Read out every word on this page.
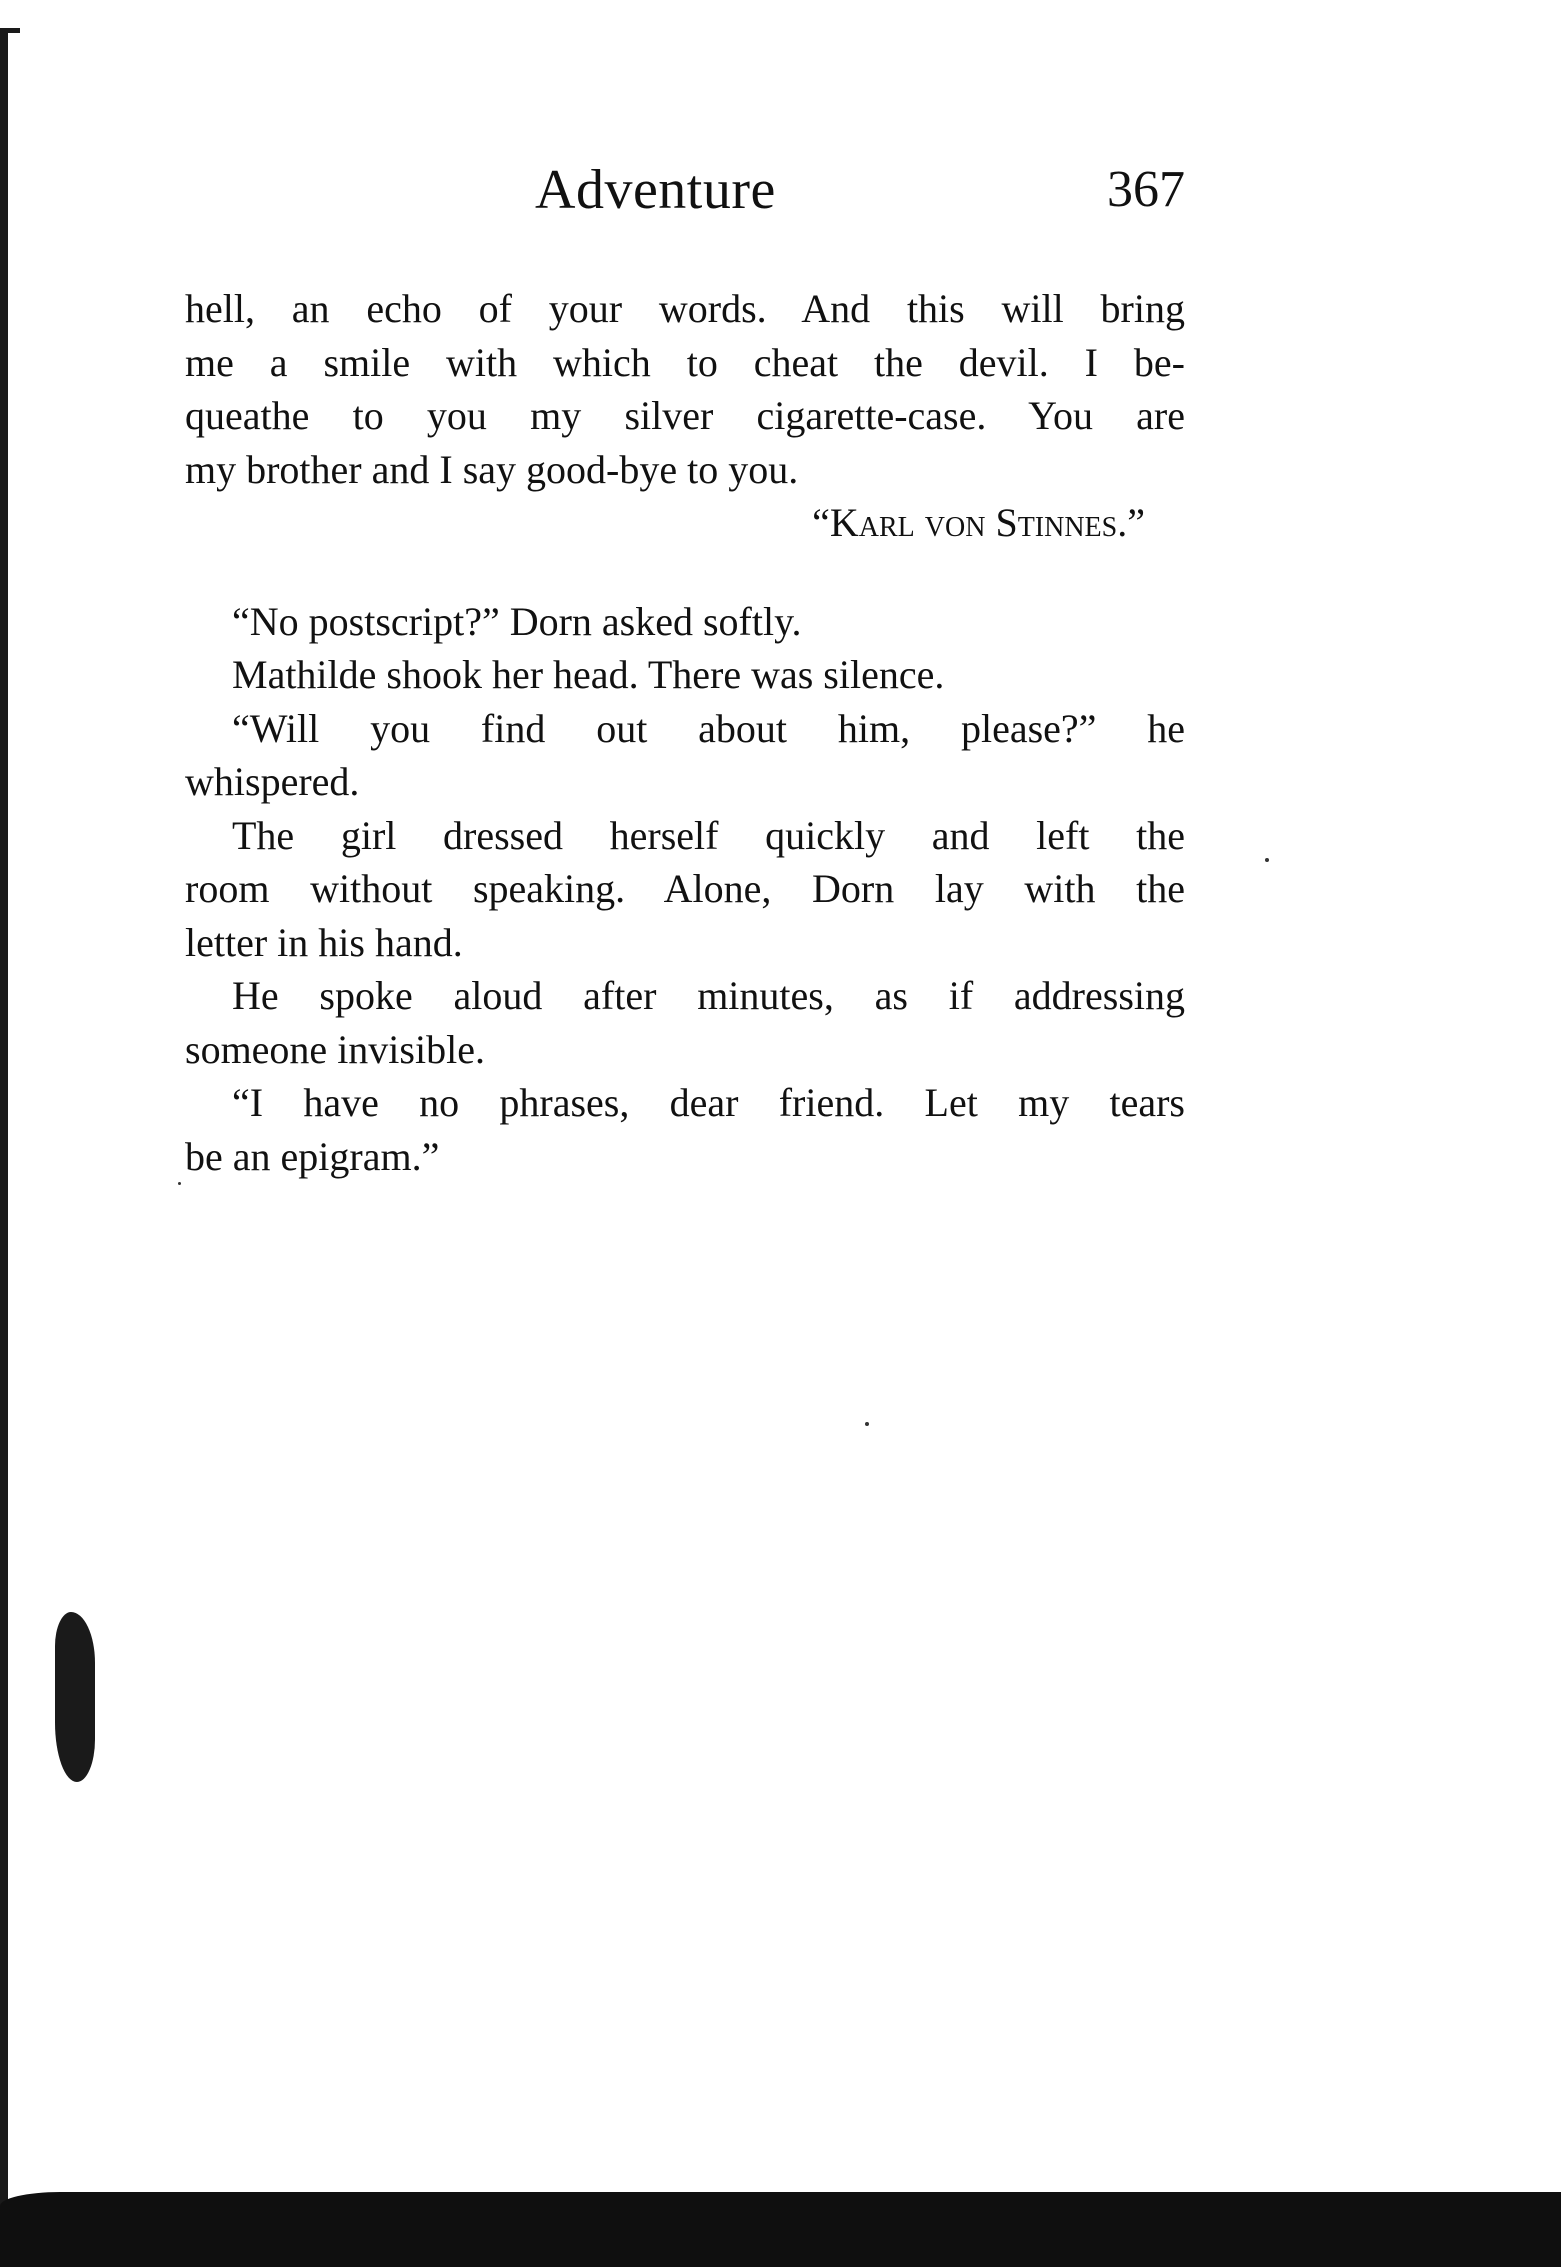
Adventure	367
hell, an echo of your words. And this will bring
me a smile with which to cheat the devil. I be-
queathe to you my silver cigarette-case. You are
my brother and I say good-bye to you.
“Karl von Stinnes.”
“No postscript?” Dorn asked softly.
Mathilde shook her head. There was silence.
“Will you find out about him, please?” he
whispered.
The girl dressed herself quickly and left the
room without speaking. Alone, Dorn lay with the
letter in his hand.
He spoke aloud after minutes, as if addressing
someone invisible.
“I have no phrases, dear friend. Let my tears
be an epigram.”
